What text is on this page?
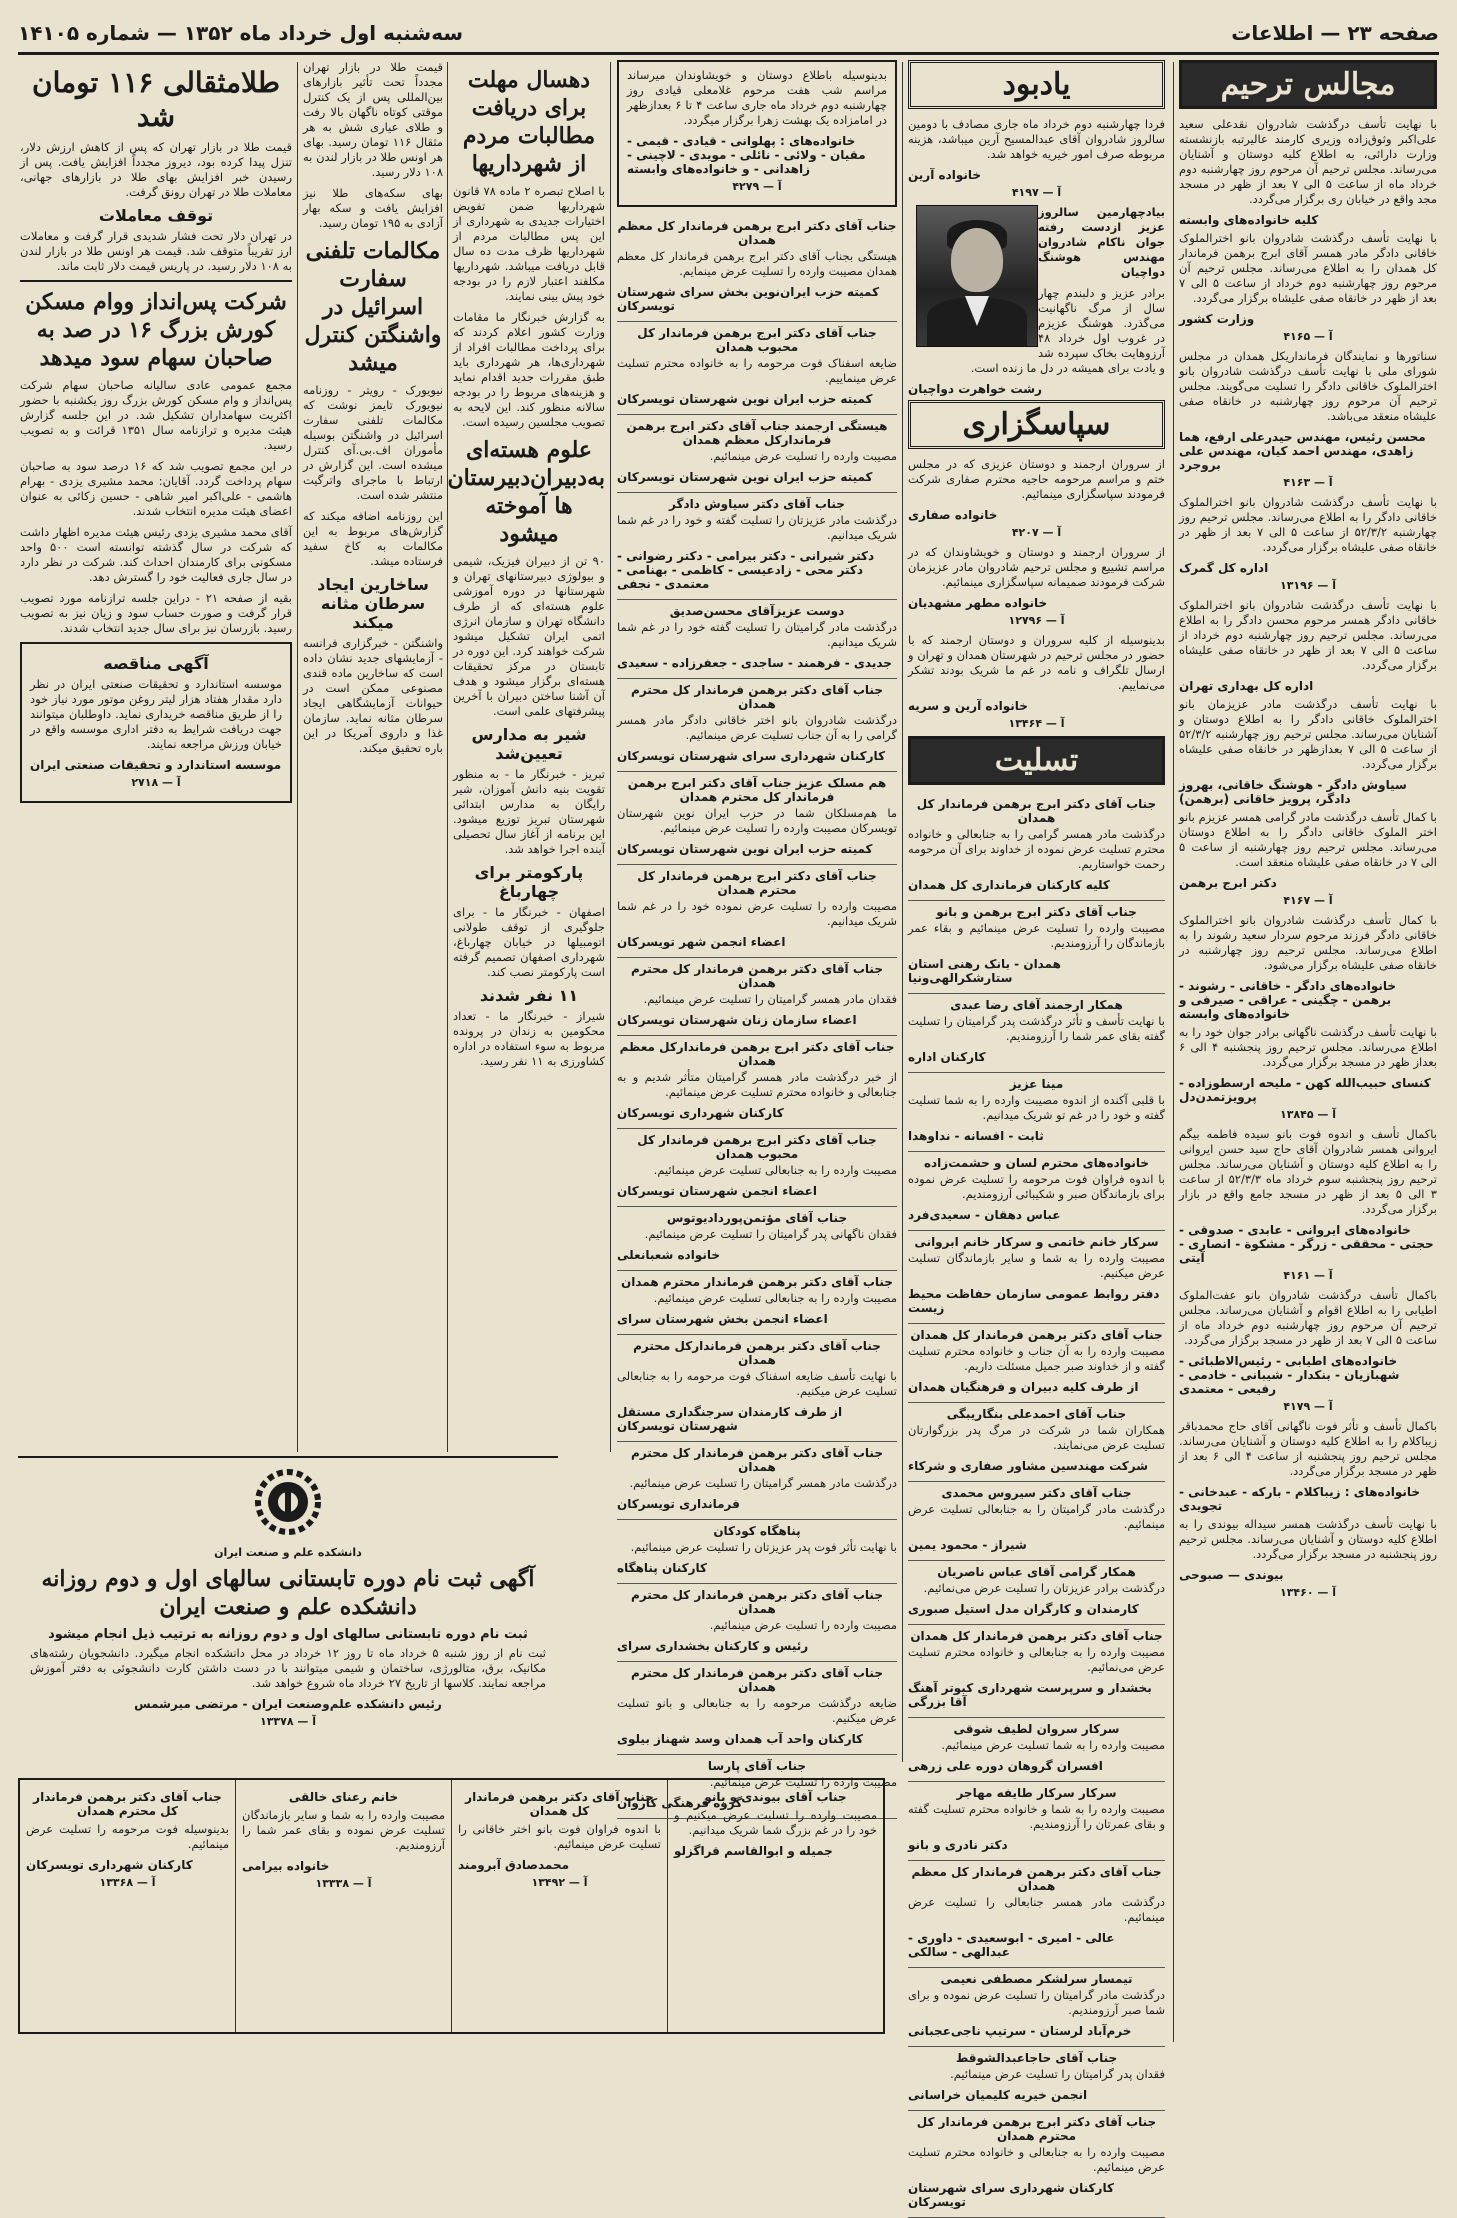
سه‌شنبه اول خرداد ماه ۱۳۵۲ — شماره ۱۴۱۰۵	صفحه ۲۳ — اطلاعات
مجالس ترحیم

با نهایت تأسف درگذشت شادروان نقدعلی سعید علی‌اکبر وثوق‌زاده وزیری کارمند عالیرتبه بازنشسته وزارت دارائی، به اطلاع کلیه دوستان و آشنایان می‌رساند. مجلس ترحیم آن مرحوم روز چهارشنبه دوم خرداد ماه از ساعت ۵ الی ۷ بعد از ظهر در مسجد مجد واقع در خیابان ری برگزار می‌گردد.

کلیه خانواده‌های وابسته

با نهایت تأسف درگذشت شادروان بانو اخترالملوک خاقانی دادگر مادر همسر آقای ابرج برهمن فرماندار کل همدان را به اطلاع می‌رساند. مجلس ترحیم آن مرحوم روز چهارشنبه دوم خرداد از ساعت ۵ الی ۷ بعد از ظهر در خانقاه صفی علیشاه برگزار می‌گردد.

وزارت کشور
آ — ۴۱۶۵

سناتورها و نمایندگان فرمانداریکل همدان در مجلس شورای ملی با نهایت تأسف درگذشت شادروان بانو اخترالملوک خاقانی دادگر را تسلیت می‌گویند. مجلس ترحیم آن مرحوم روز چهارشنبه در خانقاه صفی علیشاه منعقد می‌باشد.

محسن رئیس، مهندس حیدرعلی ارفع، هما زاهدی، مهندس احمد کیان، مهندس علی بروجرد
آ — ۴۱۶۳

با نهایت تأسف درگذشت شادروان بانو اخترالملوک خاقانی دادگر را به اطلاع می‌رساند. مجلس ترحیم روز چهارشنبه ۵۲/۳/۲ از ساعت ۵ الی ۷ بعد از ظهر در خانقاه صفی علیشاه برگزار می‌گردد.

اداره کل گمرک
آ — ۱۳۱۹۶

با نهایت تأسف درگذشت شادروان بانو اخترالملوک خاقانی دادگر همسر مرحوم محسن دادگر را به اطلاع می‌رساند. مجلس ترحیم روز چهارشنبه دوم خرداد از ساعت ۵ الی ۷ بعد از ظهر در خانقاه صفی علیشاه برگزار می‌گردد.

اداره کل بهداری تهران

با نهایت تأسف درگذشت مادر عزیزمان بانو اخترالملوک خاقانی دادگر را به اطلاع دوستان و آشنایان می‌رساند. مجلس ترحیم روز چهارشنبه ۵۲/۳/۲ از ساعت ۵ الی ۷ بعدازظهر در خانقاه صفی علیشاه برگزار می‌گردد.

سیاوش دادگر - هوشنگ خاقانی، بهروز دادگر، پرویز خاقانی (برهمن)

با کمال تأسف درگذشت مادر گرامی همسر عزیزم بانو اختر الملوک خاقانی دادگر را به اطلاع دوستان می‌رساند. مجلس ترحیم روز چهارشنبه از ساعت ۵ الی ۷ در خانقاه صفی علیشاه منعقد است.

دکتر ابرج برهمن
آ — ۴۱۶۷

با کمال تأسف درگذشت شادروان بانو اخترالملوک خاقانی دادگر فرزند مرحوم سردار سعید رشوند را به اطلاع می‌رساند. مجلس ترحیم روز چهارشنبه در خانقاه صفی علیشاه برگزار می‌شود.

خانواده‌های دادگر - خاقانی - رشوند - برهمن - چگینی - عراقی - صیرفی و خانواده‌های وابسته

با نهایت تأسف درگذشت ناگهانی برادر جوان خود را به اطلاع می‌رساند. مجلس ترحیم روز پنجشنبه ۴ الی ۶ بعداز ظهر در مسجد برگزار می‌گردد.

کنسای حبیب‌الله کهن - ملیحه ارسطوزاده - پرویز‌تمدن‌دل
آ — ۱۳۸۴۵

باکمال تأسف و اندوه فوت بانو سیده فاطمه بیگم ایروانی همسر شادروان آقای حاج سید حسن ایروانی را به اطلاع کلیه دوستان و آشنایان می‌رساند. مجلس ترحیم روز پنجشنبه سوم خرداد ماه ۵۲/۳/۳ از ساعت ۳ الی ۵ بعد از ظهر در مسجد جامع واقع در بازار برگزار می‌گردد.

خانواده‌های ایروانی - عابدی - صدوقی - حجتی - محققی - زرگر - مشکوة - انصاری - آیتی
آ — ۴۱۶۱

باکمال تأسف درگذشت شادروان بانو عفت‌الملوک اطیابی را به اطلاع اقوام و آشنایان می‌رساند. مجلس ترحیم آن مرحوم روز چهارشنبه دوم خرداد ماه از ساعت ۵ الی ۷ بعد از ظهر در مسجد برگزار می‌گردد.

خانواده‌های اطیابی - رئیس‌الاطبائی - شهبازیان - بنکدار - شیبانی - خادمی - رفیعی - معتمدی
آ — ۴۱۷۹

باکمال تأسف و تأثر فوت ناگهانی آقای حاج محمدباقر زیبا‌کلام را به اطلاع کلیه دوستان و آشنایان می‌رساند. مجلس ترحیم روز پنجشنبه از ساعت ۴ الی ۶ بعد از ظهر در مسجد برگزار می‌گردد.

خانواده‌های : زیبا‌کلام - بارکه - عبدخانی - تجویدی

با نهایت تأسف درگذشت همسر سیداله بیوندی را به اطلاع کلیه دوستان و آشنایان می‌رساند. مجلس ترحیم روز پنجشنبه در مسجد برگزار می‌گردد.

بیوندی — صبوحی
آ — ۱۳۴۶۰
یادبود

فردا چهارشنبه دوم خرداد ماه جاری مصادف با دومین سالروز شادروان آقای عبدالمسیح آرین میباشد، هزینه مربوطه صرف امور خیریه خواهد شد.

خانواده آرین
آ — ۴۱۹۷

بیادچهارمین سالروز عزیز ازدست رفته جوان ناکام شادروان مهندس هوشنگ دواچیان

برادر عزیز و دلبندم چهار سال از مرگ ناگهانیت می‌گذرد. هوشنگ عزیزم در غروب اول خرداد ۴۸ آرزوهایت بخاک سپرده شد و یادت برای همیشه در دل ما زنده است.

رشت خواهرت دواچیان
سپاسگزاری

از سروران ارجمند و دوستان عزیزی که در مجلس ختم و مراسم مرحومه حاجیه محترم صفاری شرکت فرمودند سپاسگزاری مینمائیم.

خانواده صفاری
آ — ۴۲۰۷

از سروران ارجمند و دوستان و خویشاوندان که در مراسم تشییع و مجلس ترحیم شادروان مادر عزیزمان شرکت فرمودند صمیمانه سپاسگزاری مینمائیم.

خانواده مطهر مشهدیان
آ — ۱۲۷۹۶

بدینوسیله از کلیه سروران و دوستان ارجمند که با حضور در مجلس ترحیم در شهرستان همدان و تهران و ارسال تلگراف و نامه در غم ما شریک بودند تشکر می‌نماییم.

خانواده آرین و سریه
آ — ۱۳۴۶۴
تسلیت
جناب آقای دکتر ابرج برهمن فرماندار کل همدان

درگذشت مادر همسر گرامی را به جنابعالی و خانواده محترم تسلیت عرض نموده از خداوند برای آن مرحومه رحمت خواستاریم.

کلیه کارکنان فرمانداری کل همدان
جناب آقای دکتر ابرج برهمن و بانو

مصیبت وارده را تسلیت عرض مینمائیم و بقاء عمر بازماندگان را آرزومندیم.

همدان - بانک رهنی استان ستارشکرالهی‌ونیا
همکار ارجمند آقای رضا عبدی

با نهایت تأسف و تأثر درگذشت پدر گرامیتان را تسلیت گفته بقای عمر شما را آرزومندیم.

کارکنان اداره
مینا عزیز

با قلبی آکنده از اندوه مصیبت وارده را به شما تسلیت گفته و خود را در غم تو شریک میدانیم.

ثابت - افسانه - نداوهدا
خانواده‌های محترم لسان و حشمت‌زاده

با اندوه فراوان فوت مرحومه را تسلیت عرض نموده برای بازماندگان صبر و شکیبائی آرزومندیم.

عباس دهقان - سعیدی‌فرد
سرکار خانم خاتمی و سرکار خانم ابروانی

مصیبت وارده را به شما و سایر بازماندگان تسلیت عرض میکنیم.

دفتر روابط عمومی سازمان حفاظت محیط زیست
جناب آقای دکتر برهمن فرماندار کل همدان

مصیبت وارده را به آن جناب و خانواده محترم تسلیت گفته و از خداوند صبر جمیل مسئلت داریم.

از طرف کلیه دبیران و فرهنگیان همدان
جناب آقای احمدعلی بنگاریبگی

همکاران شما در شرکت در مرگ پدر بزرگوارتان تسلیت عرض می‌نمایند.

شرکت مهندسین مشاور صفاری و شرکاء
جناب آقای دکتر سیروس محمدی

درگذشت مادر گرامیتان را به جنابعالی تسلیت عرض مینمائیم.

شیراز - محمود یمین
همکار گرامی آقای عباس ناصریان

درگذشت برادر عزیزتان را تسلیت عرض می‌نمائیم.

کارمندان و کارگران مدل استیل صبوری
جناب آقای دکتر برهمن فرماندار کل همدان

مصیبت وارده را به جنابعالی و خانواده محترم تسلیت عرض می‌نمائیم.

بخشدار و سرپرست شهرداری کبوتر آهنگ آقا بزرگی
سرکار سروان لطیف شوقی

مصیبت وارده را به شما تسلیت عرض مینمائیم.

افسران گروهان دوره علی زرهی
سرکار سرکار طایفه مهاجر

مصیبت وارده را به شما و خانواده محترم تسلیت گفته و بقای عمرتان را آرزومندیم.

دکتر نادری و بانو
جناب آقای دکتر برهمن فرماندار کل معظم همدان

درگذشت مادر همسر جنابعالی را تسلیت عرض مینمائیم.

عالی - امیری - ابوسعیدی - داوری - عبدالهی - سالکی
تیمسار سرلشکر مصطفی نعیمی

درگذشت مادر گرامیتان را تسلیت عرض نموده و برای شما صبر آرزومندیم.

خرم‌آباد لرستان - سرتیپ ناجی‌عجبانی
جناب آقای حاجاعبدالشوقط

فقدان پدر گرامیتان را تسلیت عرض مینمائیم.

انجمن خیریه کلیمیان خراسانی
جناب آقای دکتر ابرج برهمن فرماندار کل محترم همدان

مصیبت وارده را به جنابعالی و خانواده محترم تسلیت عرض مینمائیم.

کارکنان شهرداری سرای شهرستان تویسرکان

بدینوسیله باطلاع دوستان و خویشاوندان میرساند مراسم شب هفت مرحوم غلامعلی قیادی روز چهارشنبه دوم خرداد ماه جاری ساعت ۴ تا ۶ بعدازظهر در امامزاده یک بهشت زهرا برگزار میگردد.

خانواده‌های : پهلوانی - قیادی - قیمی - مقیان - ولائی - نائلی - مویدی - لاچینی - زاهدانی - و خانواده‌های وابسته
آ — ۴۲۷۹
جناب آقای دکتر ابرج برهمن فرماندار کل معظم همدان

هیستگی بجناب آقای دکتر ابرج برهمن فرماندار کل معظم همدان مصیبت وارده را تسلیت عرض مینمایم.

کمیته حزب ایران‌نوین بخش سرای شهرستان تویسرکان
جناب آقای دکتر ابرج برهمن فرماندار کل محبوب همدان

ضایعه اسفناک فوت مرحومه را به خانواده محترم تسلیت عرض مینماییم.

کمیته حزب ایران نوین شهرستان تویسرکان
هیستگی ارجمند جناب آقای دکتر ابرج برهمن فرماندارکل معظم همدان

مصیبت وارده را تسلیت عرض مینمائیم.

کمیته حزب ایران نوین شهرستان تویسرکان
جناب آقای دکتر سیاوش دادگر

درگذشت مادر عزیزتان را تسلیت گفته و خود را در غم شما شریک میدانیم.

دکتر شیرانی - دکتر بیرامی - دکتر رضوانی - دکتر محی - زادعیسی - کاظمی - بهنامی - معتمدی - نجفی
دوست عزیزآقای محسن‌صدیق

درگذشت مادر گرامیتان را تسلیت گفته خود را در غم شما شریک میدانیم.

جدیدی - فرهمند - ساجدی - جعفرزاده - سعیدی
جناب آقای دکتر برهمن فرماندار کل محترم همدان

درگذشت شادروان بانو اختر خاقانی دادگر مادر همسر گرامی را به آن جناب تسلیت عرض مینمائیم.

کارکنان شهرداری سرای شهرستان تویسرکان
هم مسلک عزیز جناب آقای دکتر ابرج برهمن فرماندار کل محترم همدان

ما هم‌مسلکان شما در حزب ایران نوین شهرستان تویسرکان مصیبت وارده را تسلیت عرض مینمائیم.

کمیته حزب ایران نوین شهرستان تویسرکان
جناب آقای دکتر ابرج برهمن فرماندار کل محترم همدان

مصیبت وارده را تسلیت عرض نموده خود را در غم شما شریک میدانیم.

اعضاء انجمن شهر تویسرکان
جناب آقای دکتر برهمن فرماندار کل محترم همدان

فقدان مادر همسر گرامیتان را تسلیت عرض مینمائیم.

اعضاء سازمان زنان شهرستان تویسرکان
جناب آقای دکتر ابرج برهمن فرماندارکل معظم همدان

از خبر درگذشت مادر همسر گرامیتان متأثر شدیم و به جنابعالی و خانواده محترم تسلیت عرض مینمائیم.

کارکنان شهرداری تویسرکان
جناب آقای دکتر ابرج برهمن فرماندار کل محبوب همدان

مصیبت وارده را به جنابعالی تسلیت عرض مینمائیم.

اعضاء انجمن شهرستان تویسرکان
جناب آقای مؤتمن‌پوردادیوتوس

فقدان ناگهانی پدر گرامیتان را تسلیت عرض مینمائیم.

خانواده شعبانعلی
جناب آقای دکتر برهمن فرماندار محترم همدان

مصیبت وارده را به جنابعالی تسلیت عرض مینمائیم.

اعضاء انجمن بخش شهرستان سرای
جناب آقای دکتر برهمن فرماندارکل محترم همدان

با نهایت تأسف ضایعه اسفناک فوت مرحومه را به جنابعالی تسلیت عرض میکنیم.

از طرف کارمندان سرجنگداری مستقل شهرستان تویسرکان
جناب آقای دکتر برهمن فرماندار کل محترم همدان

درگذشت مادر همسر گرامیتان را تسلیت عرض مینمائیم.

فرمانداری تویسرکان
پناهگاه کودکان

با نهایت تأثر فوت پدر عزیزتان را تسلیت عرض مینمائیم.

کارکنان پناهگاه
جناب آقای دکتر برهمن فرماندار کل محترم همدان

مصیبت وارده را تسلیت عرض مینمائیم.

رئیس و کارکنان بخشداری سرای
جناب آقای دکتر برهمن فرماندار کل محترم همدان

ضایعه درگذشت مرحومه را به جنابعالی و بانو تسلیت عرض میکنیم.

کارکنان واحد آب همدان وسد شهناز بیلوی
جناب آقای پارسا

مصیبت وارده را تسلیت عرض مینمائیم.

گروه فرهنگی کاروان
دهسال مهلت برای دریافت مطالبات مردم از شهرداریها

با اصلاح تبصره ۲ ماده ۷۸ قانون شهرداریها ضمن تفویض اختیارات جدیدی به شهرداری از این پس مطالبات مردم از شهرداریها ظرف مدت ده سال قابل دریافت میباشد. شهرداریها مکلفند اعتبار لازم را در بودجه خود پیش بینی نمایند.

به گزارش خبرنگار ما مقامات وزارت کشور اعلام کردند که برای پرداخت مطالبات افراد از شهرداری‌ها، هر شهرداری باید طبق مقررات جدید اقدام نماید و هزینه‌های مربوط را در بودجه سالانه منظور کند. این لایحه به تصویب مجلسین رسیده است.

علوم هسته‌ای به‌دبیران‌دبیرستان ها آموخته میشود

۹۰ تن از دبیران فیزیک، شیمی و بیولوژی‌ دبیرستانهای تهران و شهرستانها در دوره آموزشی علوم هسته‌ای که از طرف دانشگاه تهران و سازمان انرژی اتمی ایران تشکیل میشود شرکت خواهند کرد. این دوره در تابستان در مرکز تحقیقات هسته‌ای برگزار میشود و هدف آن آشنا ساختن دبیران با آخرین پیشرفتهای علمی است.

شیر به مدارس تعیین‌شد

تبریز - خبرنگار ما - به منظور تقویت بنیه دانش آموزان، شیر رایگان به مدارس ابتدائی شهرستان تبریز توزیع میشود. این برنامه از آغاز سال تحصیلی آینده اجرا خواهد شد.

پارکومتر برای چهارباغ

اصفهان - خبرنگار ما - برای جلوگیری از توقف طولانی اتومبیلها در خیابان چهارباغ، شهرداری اصفهان تصمیم گرفته است پارکومتر نصب کند.

۱۱ نفر شدند

شیراز - خبرنگار ما - تعداد محکومین به زندان در پرونده مربوط به سوء استفاده در اداره کشاورزی به ۱۱ نفر رسید.

قیمت طلا در بازار تهران مجدداً تحت تأثیر بازارهای بین‌المللی پس از یک کنترل موقتی کوتاه ناگهان بالا رفت و طلای عیاری شش به هر مثقال ۱۱۶ تومان رسید. بهای هر اونس طلا در بازار لندن به ۱۰۸ دلار رسید.

بهای سکه‌های طلا نیز افزایش یافت و سکه بهار آزادی به ۱۹۵ تومان رسید.

مکالمات تلفنی سفارت اسرائیل در واشنگتن کنترل میشد

نیویورک - رویتر - روزنامه نیویورک تایمز نوشت که مکالمات تلفنی سفارت اسرائیل در واشنگتن بوسیله مأموران اف.بی.آی کنترل میشده است. این گزارش در ارتباط با ماجرای واترگیت منتشر شده است.

این روزنامه اضافه میکند که گزارش‌های مربوط به این مکالمات به کاخ سفید فرستاده میشد.

ساخارین ایجاد سرطان مثانه میکند

واشنگتن - خبرگزاری فرانسه - آزمایشهای جدید نشان داده است که ساخارین ماده قندی مصنوعی ممکن است در حیوانات آزمایشگاهی ایجاد سرطان مثانه نماید. سازمان غذا و داروی آمریکا در این باره تحقیق میکند.

طلامثقالی ۱۱۶ تومان شد

قیمت طلا در بازار تهران که پس از کاهش ارزش دلار، تنزل پیدا کرده بود، دیروز مجدداً افزایش یافت. پس از رسیدن خبر افزایش بهای طلا در بازارهای جهانی، معاملات طلا در تهران رونق گرفت.

توقف معاملات

در تهران دلار تحت فشار شدیدی قرار گرفت و معاملات ارز تقریباً متوقف شد. قیمت هر اونس طلا در بازار لندن به ۱۰۸ دلار رسید. در پاریس قیمت دلار ثابت ماند.

شرکت پس‌انداز ووام مسکن کورش بزرگ ۱۶ در صد به صاحبان سهام سود میدهد

مجمع عمومی عادی سالیانه صاحبان سهام شرکت پس‌انداز و وام مسکن کورش بزرگ روز یکشنبه با حضور اکثریت سهامداران تشکیل شد. در این جلسه گزارش هیئت مدیره و ترازنامه سال ۱۳۵۱ قرائت و به تصویب رسید.

در این مجمع تصویب شد که ۱۶ درصد سود به صاحبان سهام پرداخت گردد. آقایان: محمد مشیری یزدی - بهرام هاشمی - علی‌اکبر امیر شاهی - حسین زکائی به عنوان اعضای هیئت مدیره انتخاب شدند.

آقای محمد مشیری یزدی رئیس هیئت مدیره اظهار داشت که شرکت در سال گذشته توانسته است ۵۰۰ واحد مسکونی برای کارمندان احداث کند. شرکت در نظر دارد در سال جاری فعالیت خود را گسترش دهد.

بقیه از صفحه ۲۱ - دراین جلسه ترازنامه مورد تصویب قرار گرفت و صورت حساب سود و زیان نیز به تصویب رسید. بازرسان نیز برای سال جدید انتخاب شدند.

آگهی مناقصه

موسسه استاندارد و تحقیقات صنعتی ایران در نظر دارد مقدار هفتاد هزار لیتر روغن موتور مورد نیاز خود را از طریق مناقصه خریداری نماید. داوطلبان میتوانند جهت دریافت شرایط به دفتر اداری موسسه واقع در خیابان ورزش مراجعه نمایند.

موسسه استاندارد و تحقیقات صنعتی ایران
آ — ۲۷۱۸
دانشکده علم و صنعت ایران
آگهی ثبت نام دوره تابستانی سالهای اول و دوم روزانه دانشکده علم و صنعت ایران
ثبت نام دوره تابستانی سالهای اول و دوم روزانه به ترتیب ذیل انجام میشود

ثبت نام از روز شنبه ۵ خرداد ماه تا روز ۱۲ خرداد در محل دانشکده انجام میگیرد. دانشجویان رشته‌های مکانیک، برق، متالورژی، ساختمان و شیمی میتوانند با در دست داشتن کارت دانشجوئی به دفتر آموزش مراجعه نمایند. کلاسها از تاریخ ۲۷ خرداد ماه شروع خواهد شد.

رئیس دانشکده علم‌وصنعت ایران - مرتضی میرشمس
آ — ۱۳۳۷۸
جناب آقای بیوندی و بانو

مصیبت وارده را تسلیت عرض میکنیم و خود را در غم بزرگ شما شریک میدانیم.

جمیله و ابوالقاسم قراگزلو
جناب آقای دکتر برهمن فرماندار کل همدان

با اندوه فراوان فوت بانو اختر خاقانی را تسلیت عرض مینمائیم.

محمدصادق آبرومند
آ — ۱۳۴۹۲
خانم رعنای خالقی

مصیبت وارده را به شما و سایر بازماندگان تسلیت عرض نموده و بقای عمر شما را آرزومندیم.

خانواده بیرامی
آ — ۱۳۳۳۸
جناب آقای دکتر برهمن فرماندار کل محترم همدان

بدینوسیله فوت مرحومه را تسلیت عرض مینمائیم.

کارکنان شهرداری تویسرکان
آ — ۱۳۳۶۸
